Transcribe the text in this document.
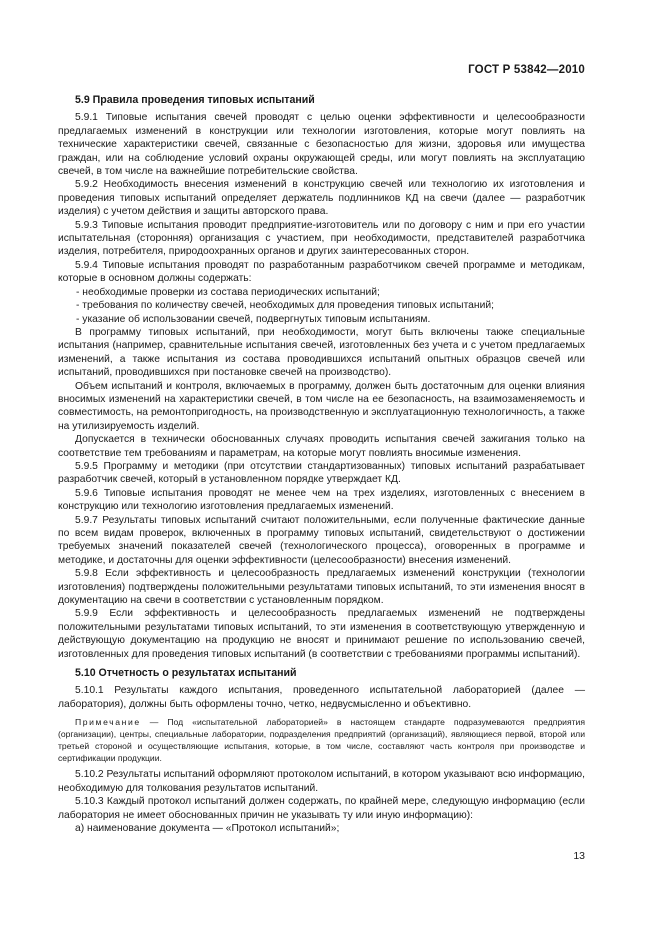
ГОСТ Р 53842—2010
5.9 Правила проведения типовых испытаний

5.9.1 Типовые испытания свечей проводят с целью оценки эффективности и целесообразности предлагаемых изменений в конструкции или технологии изготовления, которые могут повлиять на технические характеристики свечей, связанные с безопасностью для жизни, здоровья или имущества граждан, или на соблюдение условий охраны окружающей среды, или могут повлиять на эксплуатацию свечей, в том числе на важнейшие потребительские свойства.

5.9.2 Необходимость внесения изменений в конструкцию свечей или технологию их изготовления и проведения типовых испытаний определяет держатель подлинников КД на свечи (далее — разработчик изделия) с учетом действия и защиты авторского права.

5.9.3 Типовые испытания проводит предприятие-изготовитель или по договору с ним и при его участии испытательная (сторонняя) организация с участием, при необходимости, представителей разработчика изделия, потребителя, природоохранных органов и других заинтересованных сторон.

5.9.4 Типовые испытания проводят по разработанным разработчиком свечей программе и методикам, которые в основном должны содержать:

- необходимые проверки из состава периодических испытаний;

- требования по количеству свечей, необходимых для проведения типовых испытаний;

- указание об использовании свечей, подвергнутых типовым испытаниям.

В программу типовых испытаний, при необходимости, могут быть включены также специальные испытания (например, сравнительные испытания свечей, изготовленных без учета и с учетом предлагаемых изменений, а также испытания из состава проводившихся испытаний опытных образцов свечей или испытаний, проводившихся при постановке свечей на производство).

Объем испытаний и контроля, включаемых в программу, должен быть достаточным для оценки влияния вносимых изменений на характеристики свечей, в том числе на ее безопасность, на взаимозаменяемость и совместимость, на ремонтопригодность, на производственную и эксплуатационную технологичность, а также на утилизируемость изделий.

Допускается в технически обоснованных случаях проводить испытания свечей зажигания только на соответствие тем требованиям и параметрам, на которые могут повлиять вносимые изменения.

5.9.5 Программу и методики (при отсутствии стандартизованных) типовых испытаний разрабатывает разработчик свечей, который в установленном порядке утверждает КД.

5.9.6 Типовые испытания проводят не менее чем на трех изделиях, изготовленных с внесением в конструкцию или технологию изготовления предлагаемых изменений.

5.9.7 Результаты типовых испытаний считают положительными, если полученные фактические данные по всем видам проверок, включенных в программу типовых испытаний, свидетельствуют о достижении требуемых значений показателей свечей (технологического процесса), оговоренных в программе и методике, и достаточны для оценки эффективности (целесообразности) внесения изменений.

5.9.8 Если эффективность и целесообразность предлагаемых изменений конструкции (технологии изготовления) подтверждены положительными результатами типовых испытаний, то эти изменения вносят в документацию на свечи в соответствии с установленным порядком.

5.9.9 Если эффективность и целесообразность предлагаемых изменений не подтверждены положительными результатами типовых испытаний, то эти изменения в соответствующую утвержденную и действующую документацию на продукцию не вносят и принимают решение по использованию свечей, изготовленных для проведения типовых испытаний (в соответствии с требованиями программы испытаний).

5.10 Отчетность о результатах испытаний

5.10.1 Результаты каждого испытания, проведенного испытательной лабораторией (далее — лаборатория), должны быть оформлены точно, четко, недвусмысленно и объективно.

Примечание — Под «испытательной лабораторией» в настоящем стандарте подразумеваются предприятия (организации), центры, специальные лаборатории, подразделения предприятий (организаций), являющиеся первой, второй или третьей стороной и осуществляющие испытания, которые, в том числе, составляют часть контроля при производстве и сертификации продукции.

5.10.2 Результаты испытаний оформляют протоколом испытаний, в котором указывают всю информацию, необходимую для толкования результатов испытаний.

5.10.3 Каждый протокол испытаний должен содержать, по крайней мере, следующую информацию (если лаборатория не имеет обоснованных причин не указывать ту или иную информацию):

а) наименование документа — «Протокол испытаний»;

13
